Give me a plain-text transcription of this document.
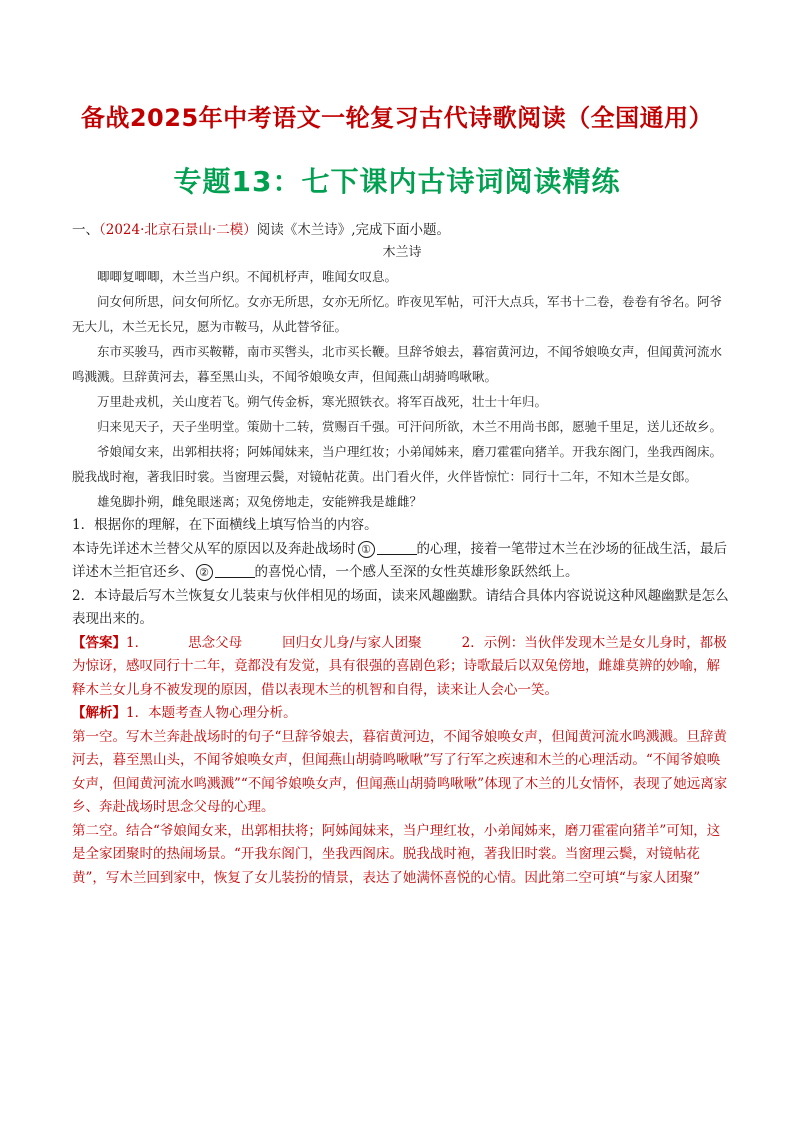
备战2025年中考语文一轮复习古代诗歌阅读（全国通用）
专题13：七下课内古诗词阅读精练

一、（2024·北京石景山·二模）阅读《木兰诗》,完成下面小题。

木兰诗

唧唧复唧唧，木兰当户织。不闻机杼声，唯闻女叹息。

问女何所思，问女何所忆。女亦无所思，女亦无所忆。昨夜见军帖，可汗大点兵，军书十二卷，卷卷有爷名。阿爷无大儿，木兰无长兄，愿为市鞍马，从此替爷征。

东市买骏马，西市买鞍鞯，南市买辔头，北市买长鞭。旦辞爷娘去，暮宿黄河边，不闻爷娘唤女声，但闻黄河流水鸣溅溅。旦辞黄河去，暮至黑山头，不闻爷娘唤女声，但闻燕山胡骑鸣啾啾。

万里赴戎机，关山度若飞。朔气传金柝，寒光照铁衣。将军百战死，壮士十年归。

归来见天子，天子坐明堂。策勋十二转，赏赐百千强。可汗问所欲，木兰不用尚书郎，愿驰千里足，送儿还故乡。

爷娘闻女来，出郭相扶将；阿姊闻妹来，当户理红妆；小弟闻姊来，磨刀霍霍向猪羊。开我东阁门，坐我西阁床。脱我战时袍，著我旧时裳。当窗理云鬓，对镜帖花黄。出门看火伴，火伴皆惊忙：同行十二年，不知木兰是女郎。

雄兔脚扑朔，雌兔眼迷离；双兔傍地走，安能辨我是雄雌？

1．根据你的理解，在下面横线上填写恰当的内容。

本诗先详述木兰替父从军的原因以及奔赴战场时 ①	的心理，接着一笔带过木兰在沙场的征战生活，最后详述木兰拒官还乡、 ②	的喜悦心情，一个感人至深的女性英雄形象跃然纸上。

2．本诗最后写木兰恢复女儿装束与伙伴相见的场面，读来风趣幽默。请结合具体内容说说这种风趣幽默是怎么表现出来的。

【答案】1．	思念父母	回归女儿身/与家人团聚	2．示例：当伙伴发现木兰是女儿身时，都极为惊讶，感叹同行十二年，竟都没有发觉，具有很强的喜剧色彩；诗歌最后以双兔傍地，雌雄莫辨的妙喻，解释木兰女儿身不被发现的原因，借以表现木兰的机智和自得，读来让人会心一笑。

【解析】1．本题考查人物心理分析。

第一空。写木兰奔赴战场时的句子“旦辞爷娘去，暮宿黄河边，不闻爷娘唤女声，但闻黄河流水鸣溅溅。旦辞黄河去，暮至黑山头，不闻爷娘唤女声，但闻燕山胡骑鸣啾啾”写了行军之疾速和木兰的心理活动。“不闻爷娘唤女声，但闻黄河流水鸣溅溅”“不闻爷娘唤女声，但闻燕山胡骑鸣啾啾”体现了木兰的儿女情怀，表现了她远离家乡、奔赴战场时思念父母的心理。

第二空。结合“爷娘闻女来，出郭相扶将；阿姊闻妹来，当户理红妆，小弟闻姊来，磨刀霍霍向猪羊”可知，这是全家团聚时的热闹场景。“开我东阁门，坐我西阁床。脱我战时袍，著我旧时裳。当窗理云鬓，对镜帖花黄”，写木兰回到家中，恢复了女儿装扮的情景，表达了她满怀喜悦的心情。因此第二空可填“与家人团聚”
